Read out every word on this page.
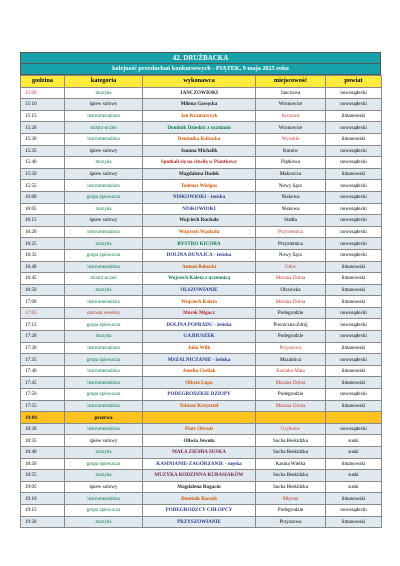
42. DRUŻBACKA
kolejność przesłuchań konkursowych - PIĄTEK, 9 maja 2025 roku
godzina	kategoria	wykonawca	miejscowość	powiat
15:00	muzyka	JANCZOWIOKI	Janczowa	nowosądecki
15:10	śpiew solowy	Milena Gawęcka	Wronowice	nowosądecki
15:15	instrumentalista	Jan Kramarczyk	Szczawa	limanowski
15:20	mistrz-uczeń	Dominik Dziedzic z uczniami	Wronowice	nowosądecki
15:30	instrumentalista	Dominika Kubacka	Wysokie	limanowski
15:35	śpiew solowy	Joanna Michalik	Kunów	nowosądecki
15:40	muzyka	Spotkali się na chwilę w Piontkowy	Piątkowa	nowosądecki
15:50	śpiew solowy	Magdalena Dudek	Makowica	limanowski
15:55	instrumentalista	Tadeusz Wielgus	Nowy Sącz	nowosądecki
16:00	grupa śpiewacza	NISKOWIOKI - żeńska	Niskowa	nowosądecki
16:05	muzyka	NISKOWIOKI	Niskowa	nowosądecki
16:15	śpiew solowy	Wojciech Ruchała	Stadła	nowosądecki
16:20	instrumentalista	Wojciech Wąchała	Przysietnica	nowosądecki
16:25	muzyka	BYSTRO KICORA	Przysietnica	nowosądecki
16:35	grupa śpiewacza	DOLINA DUNAJCA - żeńska	Nowy Sącz	nowosądecki
16:40	instrumentalista	Antoni Bekucki	Głów	limanowski
16:45	mistrz-uczeń	Wojciech Kaleta z uczennicą	Mszana Dolna	limanowski
16:50	muzyka	OLSZOWIANIE	Olszówka	limanowski
17:00	instrumentalista	Wojciech Kaleta	Mszana Dolna	limanowski
17:05	starosta weselny	Marek Migacz	Podegrodzie	nowosądecki
17:15	grupa śpiewacza	DOLINA POPRADU - żeńska	Piwniczna-Zdrój	nowosądecki
17:20	muzyka	GAJDUSZEK	Podegrodzie	nowosądecki
17:30	instrumentalista	Julia Wilk	Przyszowa	limanowski
17:35	grupa śpiewacza	MSZALNICZANIE - żeńska	Mszalnica	nowosądecki
17:40	instrumentalista	Amelia Cieślak	Kasinka Mała	limanowski
17:45	instrumentalista	Oliwia Lupa	Mszana Dolna	limanowski
17:50	grupa śpiewacza	PODEGRODZKIE DZIOPY	Podegrodzie	nowosądecki
17:55	instrumentalista	Tobiasz Krzysztof	Mszana Górna	limanowski
18:00	przerwa			
18:30	instrumentalista	Piotr Obrzut	Gryboów	nowosądecki
18:35	śpiew solowy	Oliwia Jewuła	Sucha Beskidzka	suski
18:40	muzyka	MAŁA ZIEMIA SUSKA	Sucha Beskidzka	suski
18:50	grupa śpiewacza	KASINIANIE-ZAGÓRZANIE - męska	Kasina Wielka	limanowski
18:55	muzyka	MUZYKA RODZINNA KUBASIAKÓW	Sucha Beskidzka	suski
19:05	śpiew solowy	Magdalena Rogacin	Sucha Beskidzka	suski
19:10	instrumentalista	Dominik Raczek	Młynne	limanowski
19:15	grupa śpiewacza	PODEGRODZCY CHŁOPCY	Podegrodzie	nowosądecki
19:20	muzyka	PRZYSZOWIANIE	Przyszowa	limanowski
